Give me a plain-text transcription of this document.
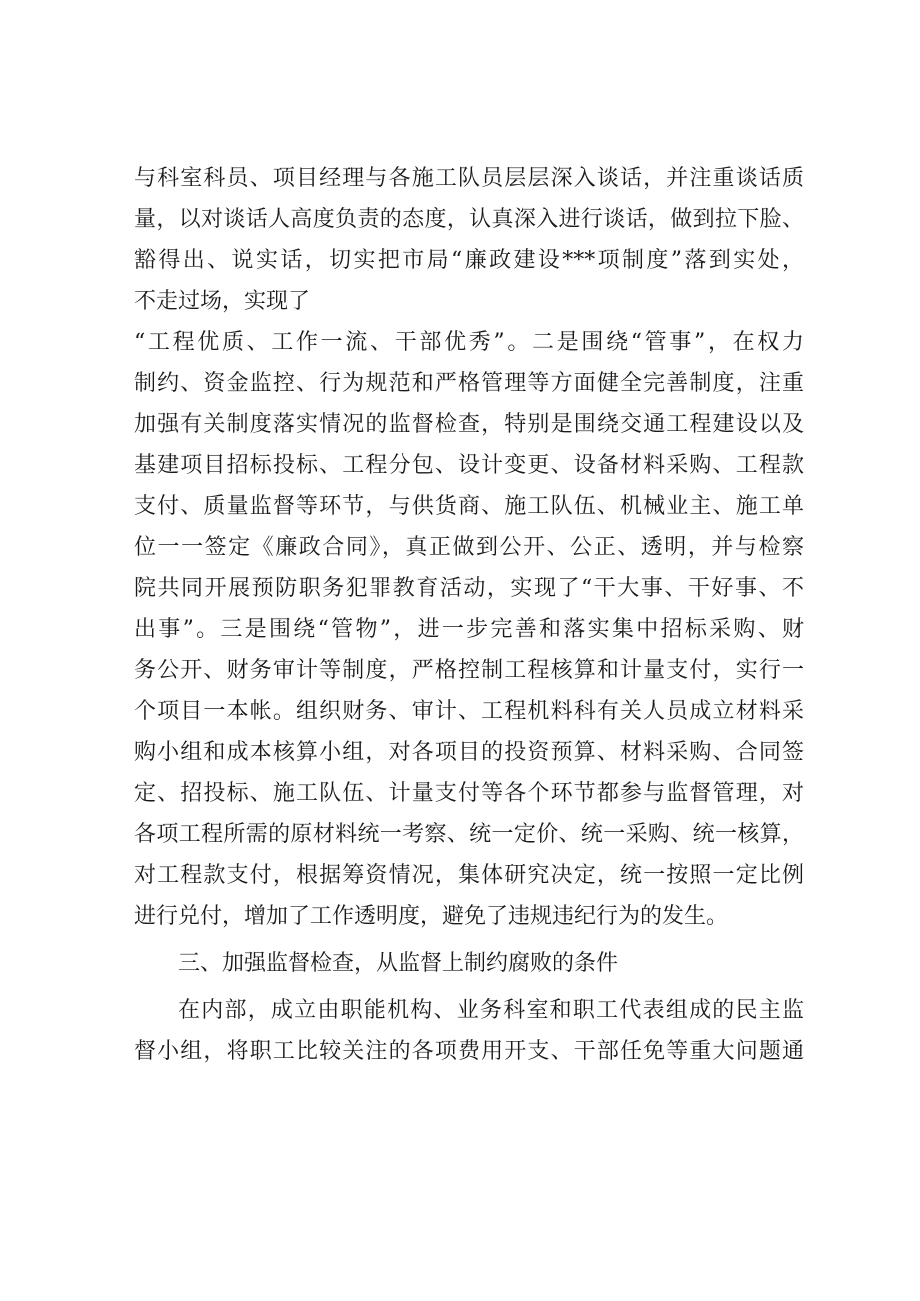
与科室科员、项目经理与各施工队员层层深入谈话，并注重谈话质
量，以对谈话人高度负责的态度，认真深入进行谈话，做到拉下脸、
豁得出、说实话，切实把市局“廉政建设***项制度”落到实处，
不走过场，实现了
“工程优质、工作一流、干部优秀”。二是围绕“管事”，在权力
制约、资金监控、行为规范和严格管理等方面健全完善制度，注重
加强有关制度落实情况的监督检查，特别是围绕交通工程建设以及
基建项目招标投标、工程分包、设计变更、设备材料采购、工程款
支付、质量监督等环节，与供货商、施工队伍、机械业主、施工单
位一一签定《廉政合同》，真正做到公开、公正、透明，并与检察
院共同开展预防职务犯罪教育活动，实现了“干大事、干好事、不
出事”。三是围绕“管物”，进一步完善和落实集中招标采购、财
务公开、财务审计等制度，严格控制工程核算和计量支付，实行一
个项目一本帐。组织财务、审计、工程机料科有关人员成立材料采
购小组和成本核算小组，对各项目的投资预算、材料采购、合同签
定、招投标、施工队伍、计量支付等各个环节都参与监督管理，对
各项工程所需的原材料统一考察、统一定价、统一采购、统一核算，
对工程款支付，根据筹资情况，集体研究决定，统一按照一定比例
进行兑付，增加了工作透明度，避免了违规违纪行为的发生。
三、加强监督检查，从监督上制约腐败的条件
在内部，成立由职能机构、业务科室和职工代表组成的民主监
督小组，将职工比较关注的各项费用开支、干部任免等重大问题通
